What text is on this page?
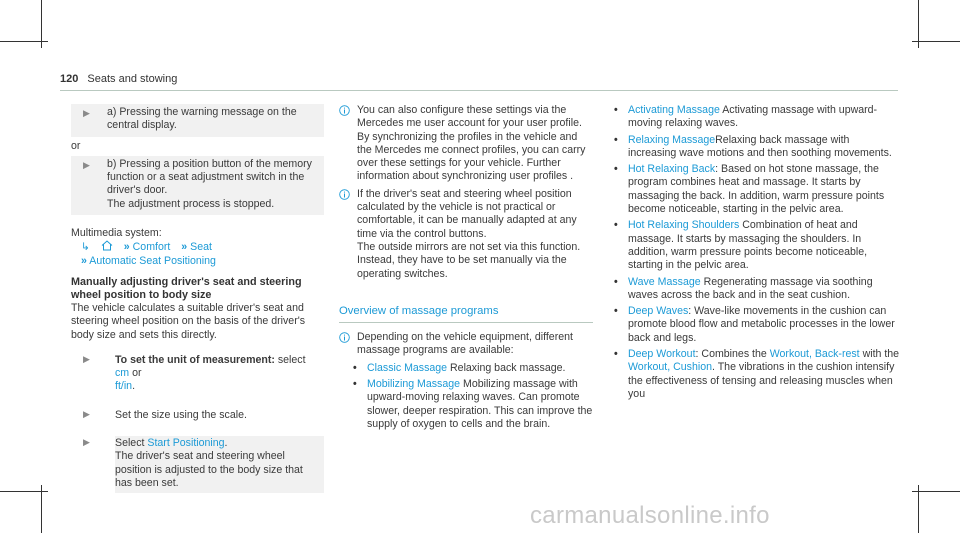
120 Seats and stowing
▶	a) Pressing the warning message on the central display.
or
▶	b) Pressing a position button of the memory function or a seat adjustment switch in the driver's door.
The adjustment process is stopped.
Multimedia system:
↳	» Comfort » Seat
» Automatic Seat Positioning
Manually adjusting driver's seat and steering wheel position to body size
The vehicle calculates a suitable driver's seat and steering wheel position on the basis of the driver's body size and sets this directly.
▶	To set the unit of measurement: select cm or
ft/in.
▶	Set the size using the scale.
▶	Select Start Positioning.
The driver's seat and steering wheel position is adjusted to the body size that has been set.
You can also configure these settings via the Mercedes me user account for your user profile. By synchronizing the profiles in the vehicle and the Mercedes me connect profiles, you can carry over these settings for your vehicle. Further information about synchronizing user profiles .
If the driver's seat and steering wheel position calculated by the vehicle is not practical or comfortable, it can be manually adapted at any time via the control buttons.
The outside mirrors are not set via this function. Instead, they have to be set manually via the operating switches.
Overview of massage programs
Depending on the vehicle equipment, different massage programs are available:
• Classic Massage Relaxing back massage.
• Mobilizing Massage Mobilizing massage with upward-moving relaxing waves. Can promote slower, deeper respiration. This can improve the supply of oxygen to cells and the brain.
• Activating Massage Activating massage with upward-moving relaxing waves.
• Relaxing MassageRelaxing back massage with increasing wave motions and then soothing movements.
• Hot Relaxing Back: Based on hot stone massage, the program combines heat and massage. It starts by massaging the back. In addition, warm pressure points become noticeable, starting in the pelvic area.
• Hot Relaxing Shoulders Combination of heat and massage. It starts by massaging the shoulders. In addition, warm pressure points become noticeable, starting in the pelvic area.
• Wave Massage Regenerating massage via soothing waves across the back and in the seat cushion.
• Deep Waves: Wave-like movements in the cushion can promote blood flow and metabolic processes in the lower back and legs.
• Deep Workout: Combines the Workout, Back-rest with the Workout, Cushion. The vibrations in the cushion intensify the effectiveness of tensing and releasing muscles when you
carmanualsonline.info
